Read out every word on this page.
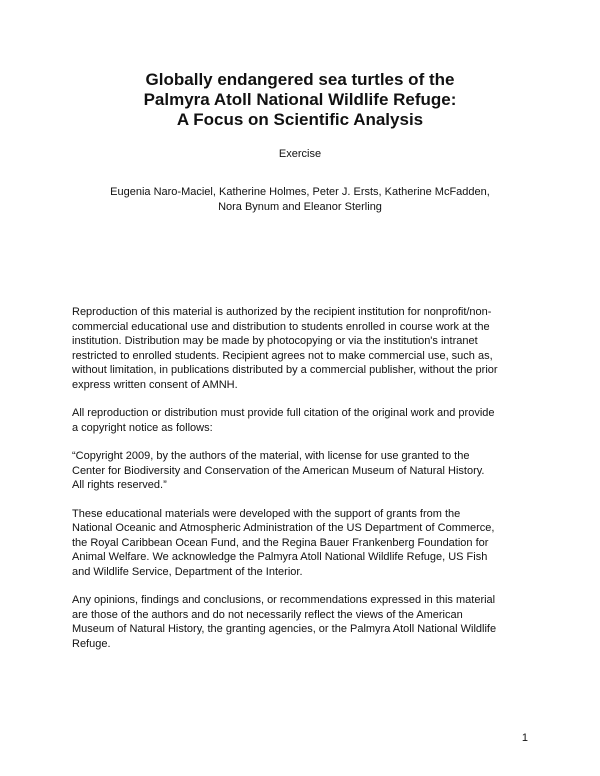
Globally endangered sea turtles of the
Palmyra Atoll National Wildlife Refuge:
A Focus on Scientific Analysis
Exercise
Eugenia Naro-Maciel, Katherine Holmes, Peter J. Ersts, Katherine McFadden,
Nora Bynum and Eleanor Sterling
Reproduction of this material is authorized by the recipient institution for nonprofit/non-
commercial educational use and distribution to students enrolled in course work at the
institution. Distribution may be made by photocopying or via the institution's intranet
restricted to enrolled students. Recipient agrees not to make commercial use, such as,
without limitation, in publications distributed by a commercial publisher, without the prior
express written consent of AMNH.
All reproduction or distribution must provide full citation of the original work and provide
a copyright notice as follows:
“Copyright 2009, by the authors of the material, with license for use granted to the
Center for Biodiversity and Conservation of the American Museum of Natural History.
All rights reserved.”
These educational materials were developed with the support of grants from the
National Oceanic and Atmospheric Administration of the US Department of Commerce,
the Royal Caribbean Ocean Fund, and the Regina Bauer Frankenberg Foundation for
Animal Welfare. We acknowledge the Palmyra Atoll National Wildlife Refuge, US Fish
and Wildlife Service, Department of the Interior.
Any opinions, findings and conclusions, or recommendations expressed in this material
are those of the authors and do not necessarily reflect the views of the American
Museum of Natural History, the granting agencies, or the Palmyra Atoll National Wildlife
Refuge.
1
